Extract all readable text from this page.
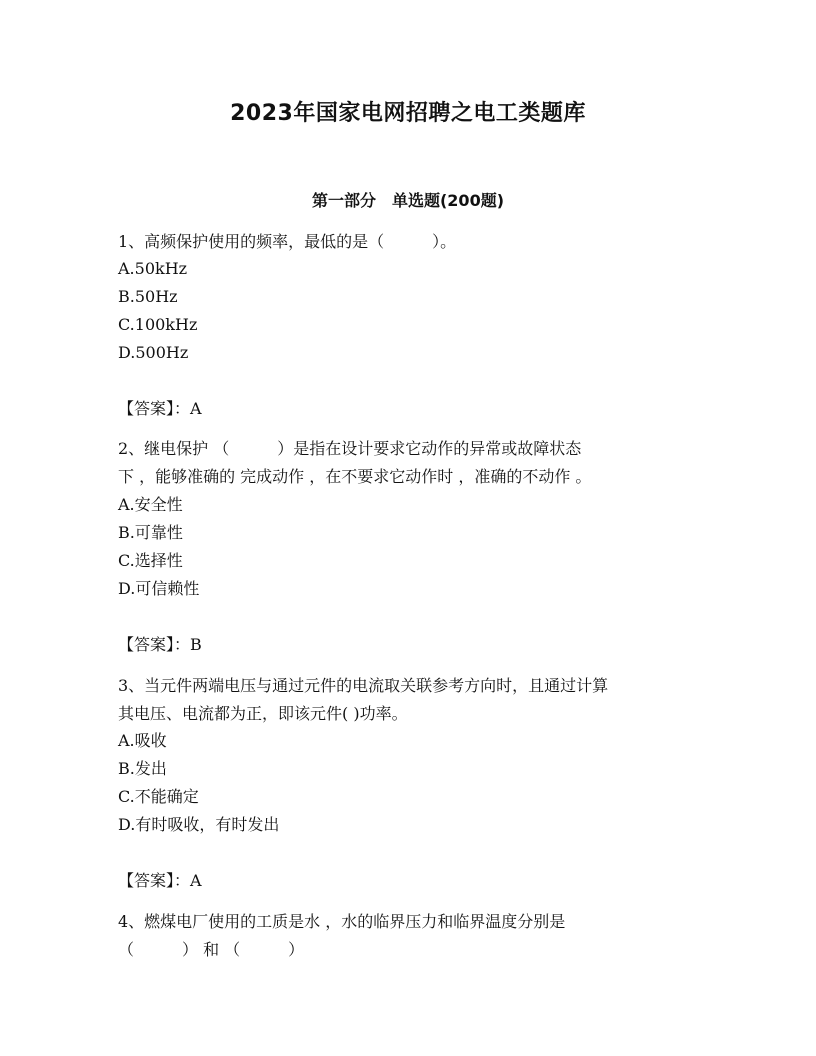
2023年国家电网招聘之电工类题库
第一部分　单选题(200题)
1、高频保护使用的频率，最低的是（　　　）。
A.50kHz
B.50Hz
C.100kHz
D.500Hz
【答案】：A
2、继电保护 （　　　）是指在设计要求它动作的异常或故障状态
下 ，能够准确的 完成动作 ，在不要求它动作时 ，准确的不动作 。
A.安全性
B.可靠性
C.选择性
D.可信赖性
【答案】：B
3、当元件两端电压与通过元件的电流取关联参考方向时，且通过计算
其电压、电流都为正，即该元件( )功率。
A.吸收
B.发出
C.不能确定
D.有时吸收，有时发出
【答案】：A
4、燃煤电厂使用的工质是水 ，水的临界压力和临界温度分别是
（　　　） 和 （　　　）
